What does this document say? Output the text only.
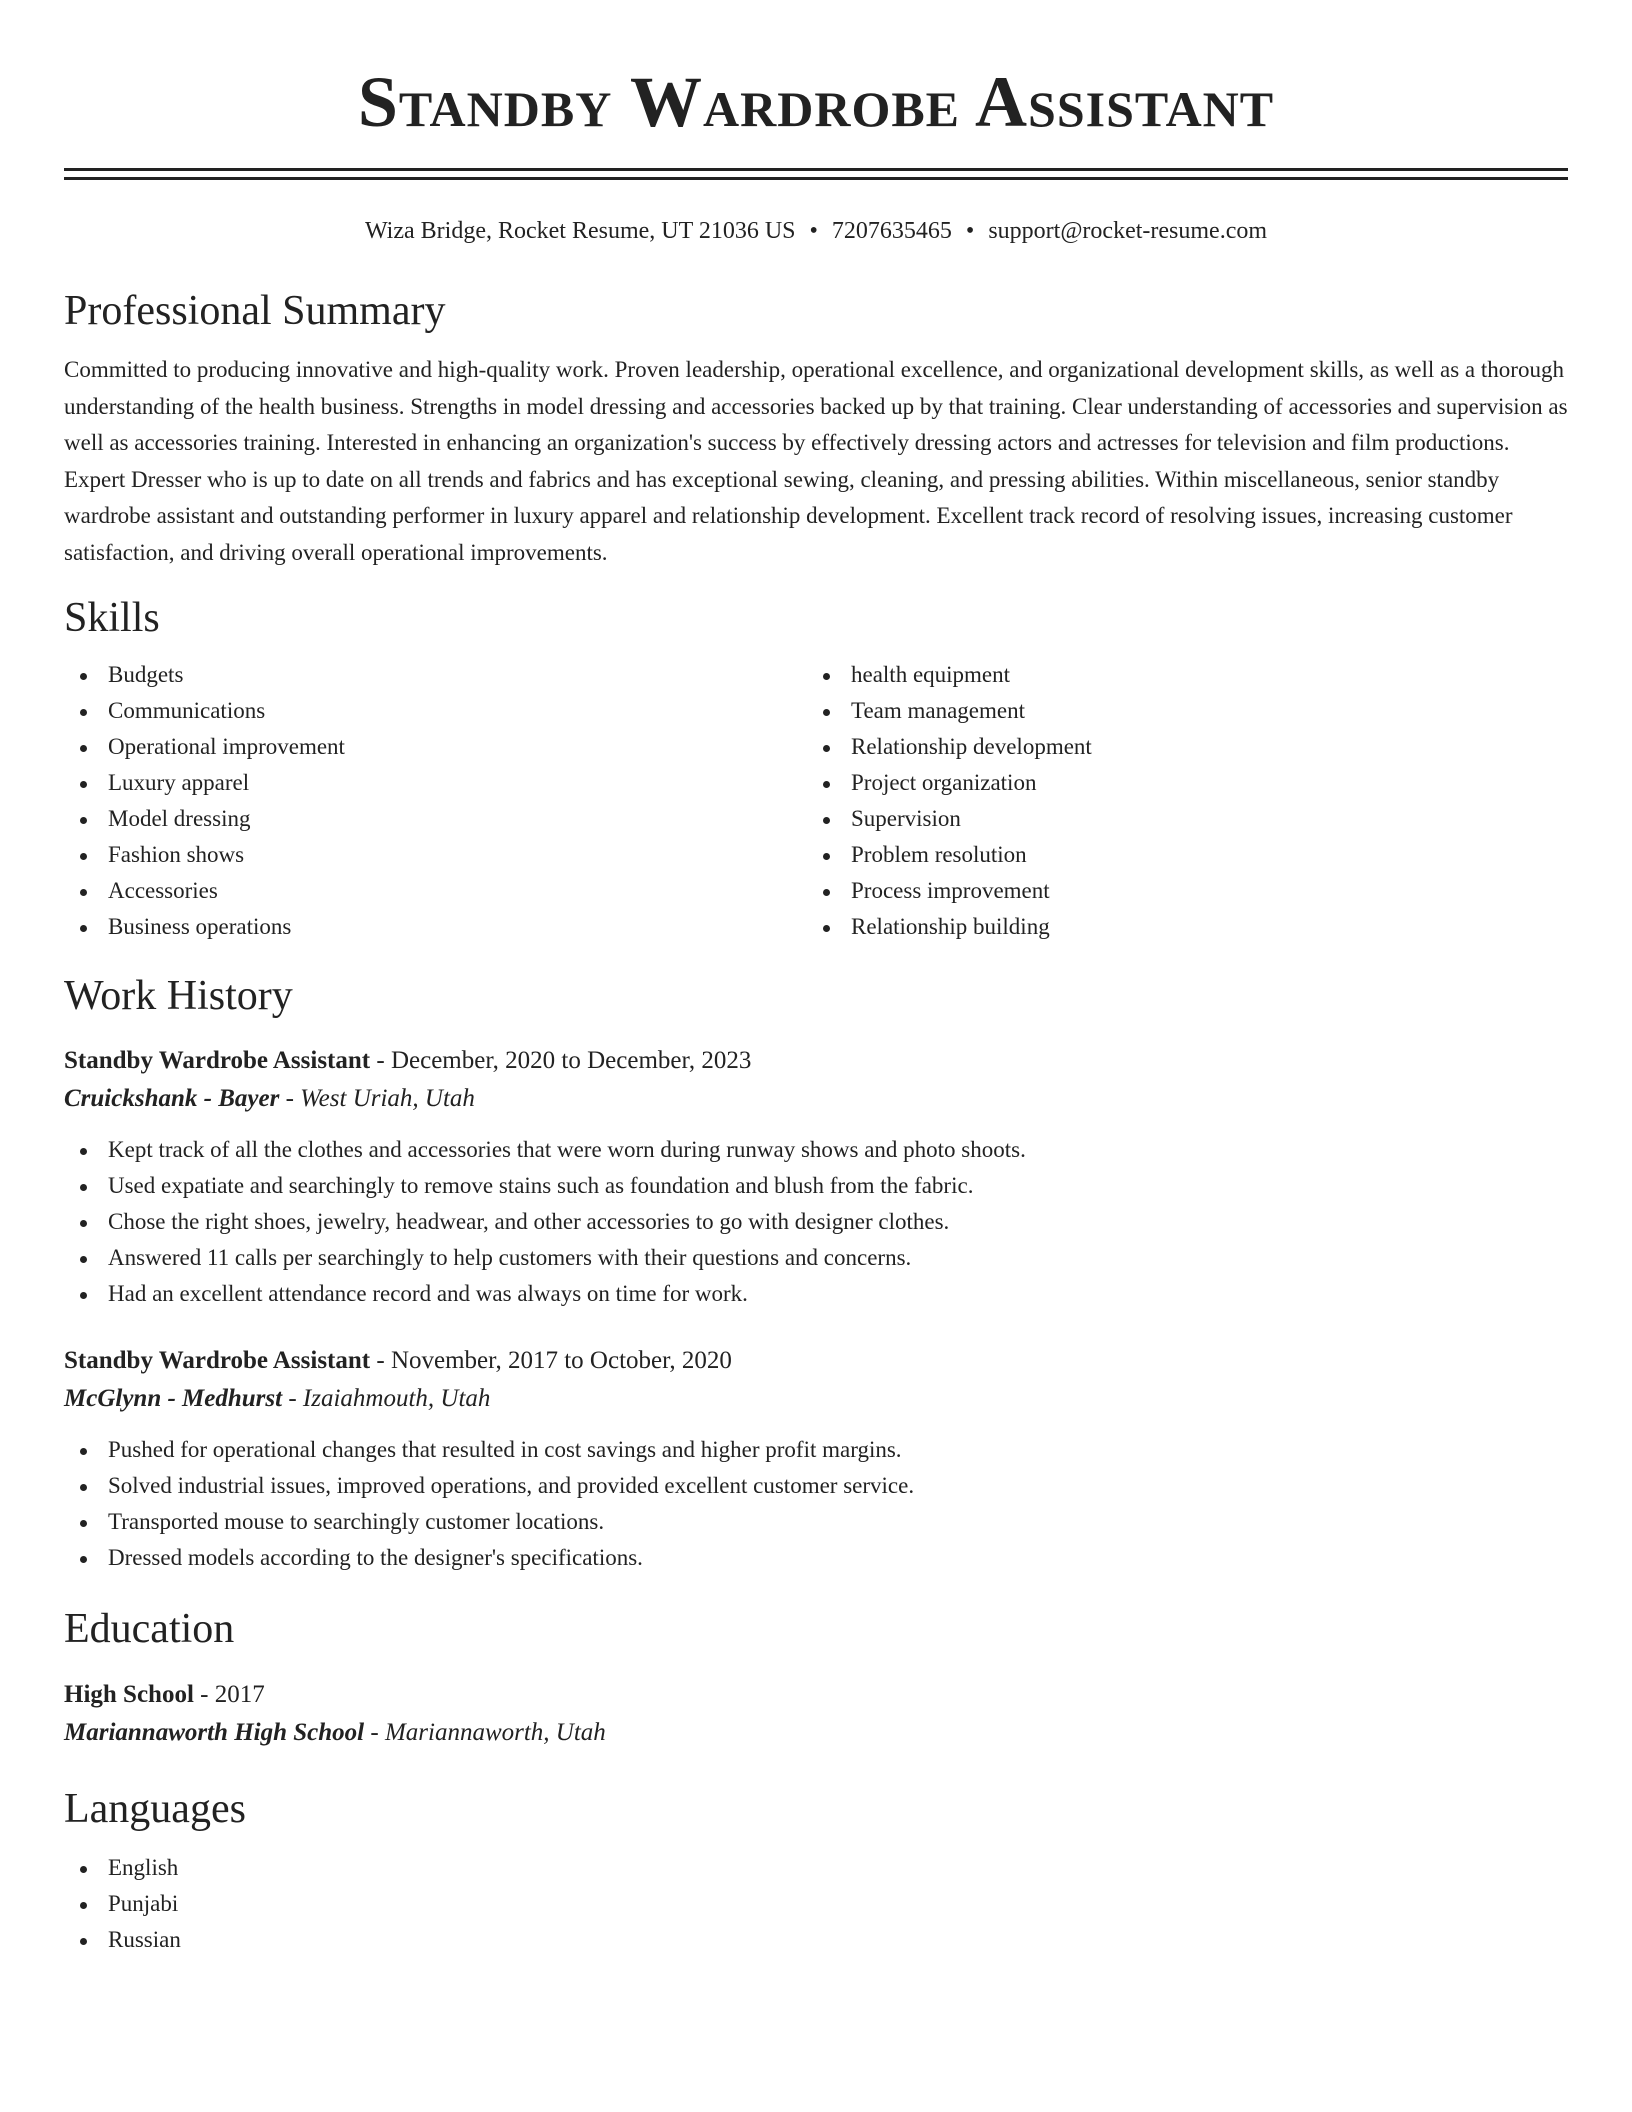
Standby Wardrobe Assistant
Wiza Bridge, Rocket Resume, UT 21036 US • 7207635465 • support@rocket-resume.com
Professional Summary

Committed to producing innovative and high-quality work. Proven leadership, operational excellence, and organizational development skills, as well as a thorough understanding of the health business. Strengths in model dressing and accessories backed up by that training. Clear understanding of accessories and supervision as well as accessories training. Interested in enhancing an organization's success by effectively dressing actors and actresses for television and film productions. Expert Dresser who is up to date on all trends and fabrics and has exceptional sewing, cleaning, and pressing abilities. Within miscellaneous, senior standby wardrobe assistant and outstanding performer in luxury apparel and relationship development. Excellent track record of resolving issues, increasing customer satisfaction, and driving overall operational improvements.

Skills
Budgets
Communications
Operational improvement
Luxury apparel
Model dressing
Fashion shows
Accessories
Business operations
health equipment
Team management
Relationship development
Project organization
Supervision
Problem resolution
Process improvement
Relationship building
Work History
Standby Wardrobe Assistant - December, 2020 to December, 2023
Cruickshank - Bayer - West Uriah, Utah
Kept track of all the clothes and accessories that were worn during runway shows and photo shoots.
Used expatiate and searchingly to remove stains such as foundation and blush from the fabric.
Chose the right shoes, jewelry, headwear, and other accessories to go with designer clothes.
Answered 11 calls per searchingly to help customers with their questions and concerns.
Had an excellent attendance record and was always on time for work.
Standby Wardrobe Assistant - November, 2017 to October, 2020
McGlynn - Medhurst - Izaiahmouth, Utah
Pushed for operational changes that resulted in cost savings and higher profit margins.
Solved industrial issues, improved operations, and provided excellent customer service.
Transported mouse to searchingly customer locations.
Dressed models according to the designer's specifications.
Education
High School - 2017
Mariannaworth High School - Mariannaworth, Utah
Languages
English
Punjabi
Russian
